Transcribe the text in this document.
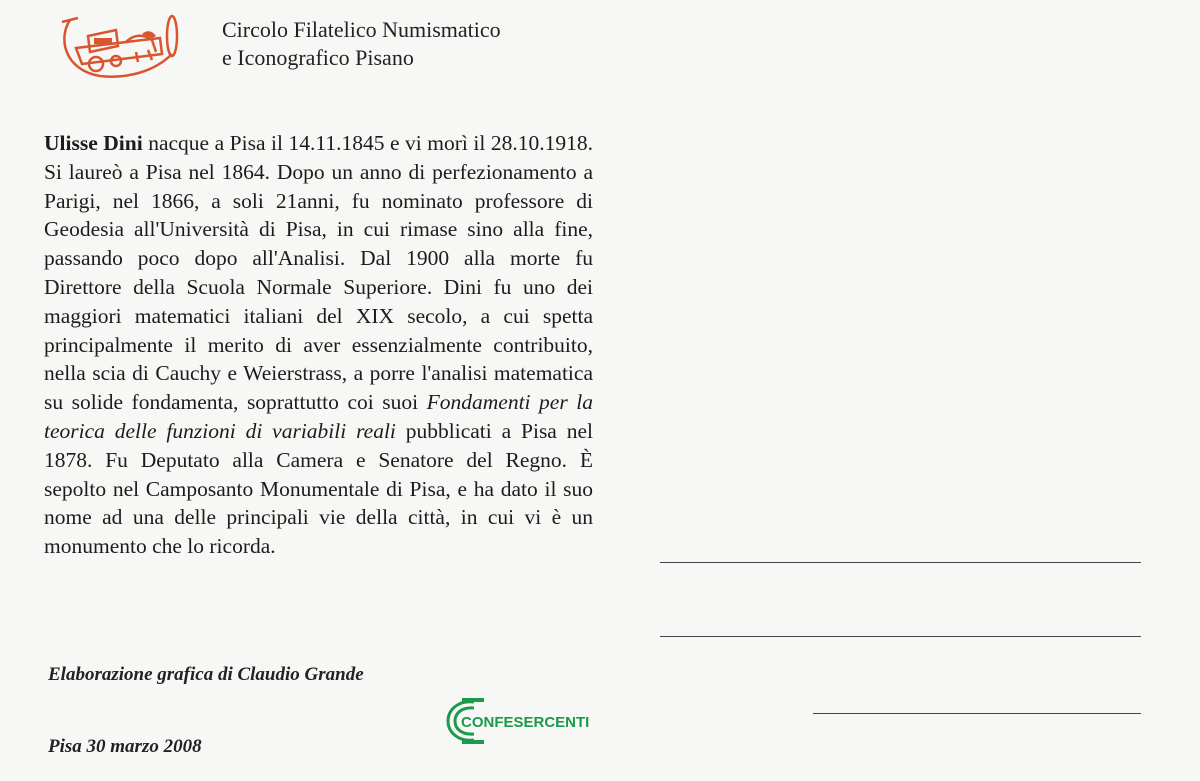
Circolo Filatelico Numismatico
e Iconografico Pisano
Ulisse Dini nacque a Pisa il 14.11.1845 e vi morì il 28.10.1918. Si laureò a Pisa nel 1864. Dopo un anno di perfezionamento a Parigi, nel 1866, a soli 21anni, fu nominato professore di Geodesia all'Università di Pisa, in cui rimase sino alla fine, passando poco dopo all'Analisi. Dal 1900 alla morte fu Direttore della Scuola Normale Superiore. Dini fu uno dei maggiori matematici italiani del XIX secolo, a cui spetta principalmente il merito di aver essenzialmente contribuito, nella scia di Cauchy e Weierstrass, a porre l'analisi matematica su solide fondamenta, soprattutto coi suoi Fondamenti per la teorica delle funzioni di variabili reali pubblicati a Pisa nel 1878. Fu Deputato alla Camera e Senatore del Regno. È sepolto nel Camposanto Monumentale di Pisa, e ha dato il suo nome ad una delle principali vie della città, in cui vi è un monumento che lo ricorda.
Elaborazione grafica di Claudio Grande
CONFESERCENTI
Pisa 30 marzo 2008
